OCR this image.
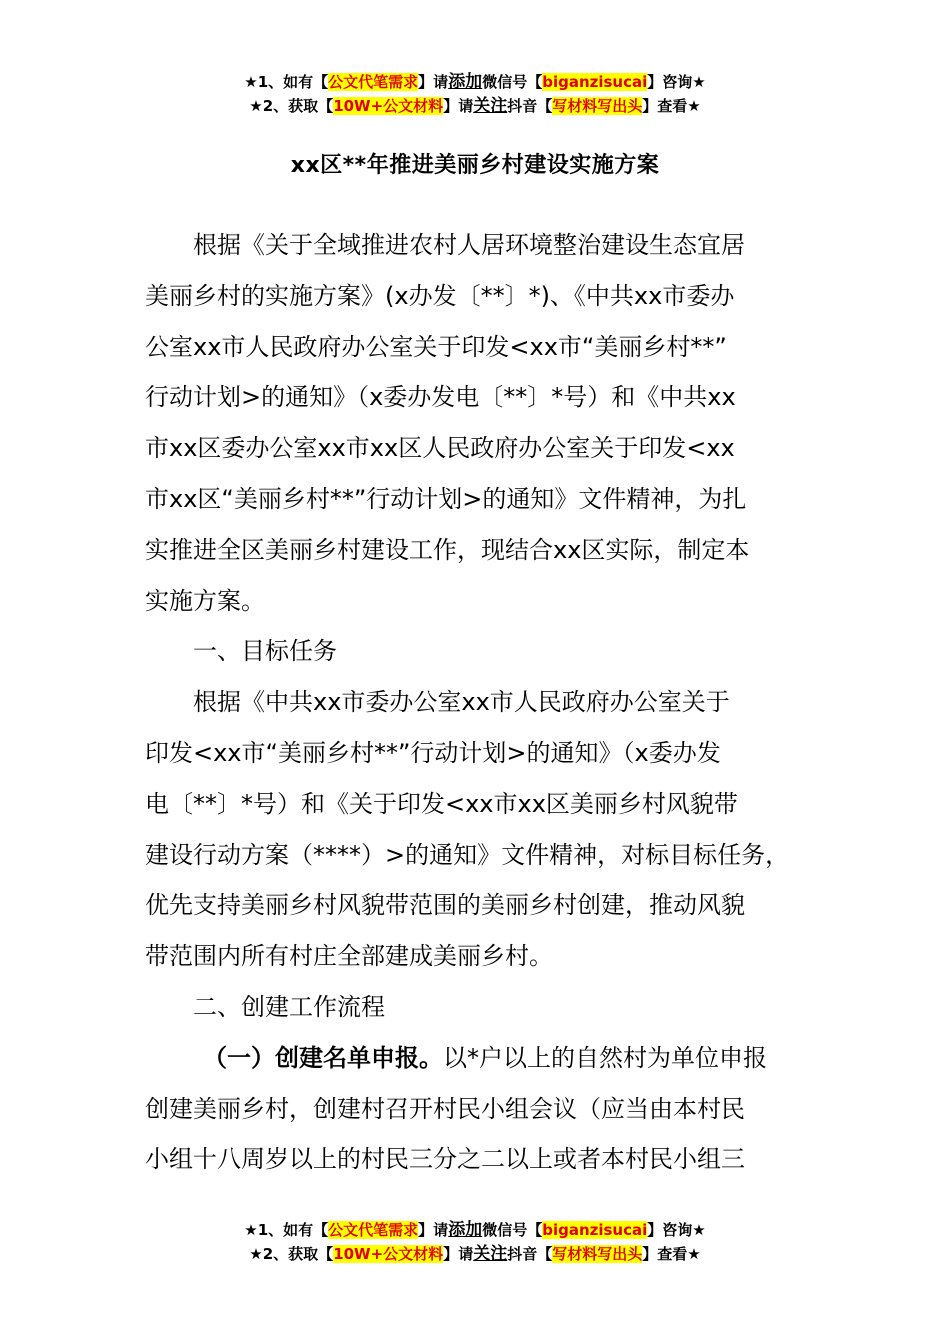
★1、如有【公文代笔需求】请添加微信号【biganzisucai】咨询★
★2、获取【10W+公文材料】请关注抖音【写材料写出头】查看★
xx区**年推进美丽乡村建设实施方案
根据《关于全域推进农村人居环境整治建设生态宜居
美丽乡村的实施方案》(x办发〔**〕*)、《中共xx市委办
公室xx市人民政府办公室关于印发<xx市“美丽乡村**”
行动计划>的通知》（x委办发电〔**〕*号）和《中共xx
市xx区委办公室xx市xx区人民政府办公室关于印发<xx
市xx区“美丽乡村**”行动计划>的通知》文件精神，为扎
实推进全区美丽乡村建设工作，现结合xx区实际，制定本
实施方案。
一、目标任务
根据《中共xx市委办公室xx市人民政府办公室关于
印发<xx市“美丽乡村**”行动计划>的通知》（x委办发
电〔**〕*号）和《关于印发<xx市xx区美丽乡村风貌带
建设行动方案（****）>的通知》文件精神，对标目标任务，
优先支持美丽乡村风貌带范围的美丽乡村创建，推动风貌
带范围内所有村庄全部建成美丽乡村。
二、创建工作流程
（一）创建名单申报。以*户以上的自然村为单位申报
创建美丽乡村，创建村召开村民小组会议（应当由本村民
小组十八周岁以上的村民三分之二以上或者本村民小组三
★1、如有【公文代笔需求】请添加微信号【biganzisucai】咨询★
★2、获取【10W+公文材料】请关注抖音【写材料写出头】查看★
